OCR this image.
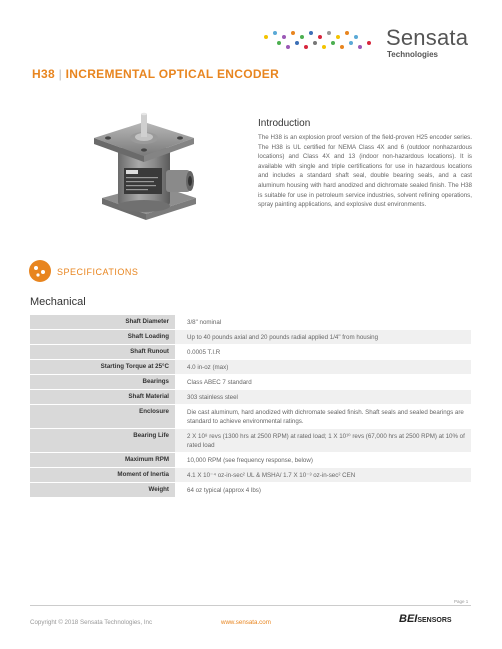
Sensata
Technologies
H38 | INCREMENTAL OPTICAL ENCODER
Introduction

The H38 is an explosion proof version of the field-proven H25 encoder series. The H38 is UL certified for NEMA Class 4X and 6 (outdoor nonhazardous locations) and Class 4X and 13 (indoor non-hazardous locations). It is available with single and triple certifications for use in hazardous locations and includes a standard shaft seal, double bearing seals, and a cast aluminum housing with hard anodized and dichromate sealed finish. The H38 is suitable for use in petroleum service industries, solvent refining operations, spray painting applications, and explosive dust environments.

SPECIFICATIONS
Mechanical
Shaft Diameter	3/8" nominal
Shaft Loading	Up to 40 pounds axial and 20 pounds radial applied 1/4" from housing
Shaft Runout	0.0005 T.I.R
Starting Torque at 25°C	4.0 in-oz (max)
Bearings	Class ABEC 7 standard
Shaft Material	303 stainless steel
Enclosure	Die cast aluminum, hard anodized with dichromate sealed finish. Shaft seals and sealed bearings are standard to achieve environmental ratings.
Bearing Life	2 X 10⁸ revs (1300 hrs at 2500 RPM) at rated load; 1 X 10¹⁰ revs (67,000 hrs at 2500 RPM) at 10% of rated load
Maximum RPM	10,000 RPM (see frequency response, below)
Moment of Inertia	4.1 X 10⁻⁴ oz-in-sec² UL & MSHA/ 1.7 X 10⁻³ oz-in-sec² CEN
Weight	64 oz typical (approx 4 lbs)
Page 1
Copyright © 2018 Sensata Technologies, Inc	www.sensata.com	BEISENSORS
